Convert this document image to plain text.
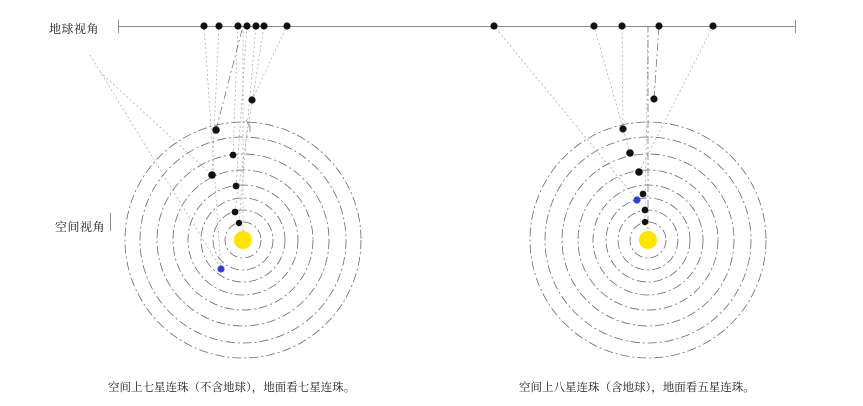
地球视角
空间视角
空间上七星连珠（不含地球），地面看七星连珠。	空间上八星连珠（含地球），地面看五星连珠。
